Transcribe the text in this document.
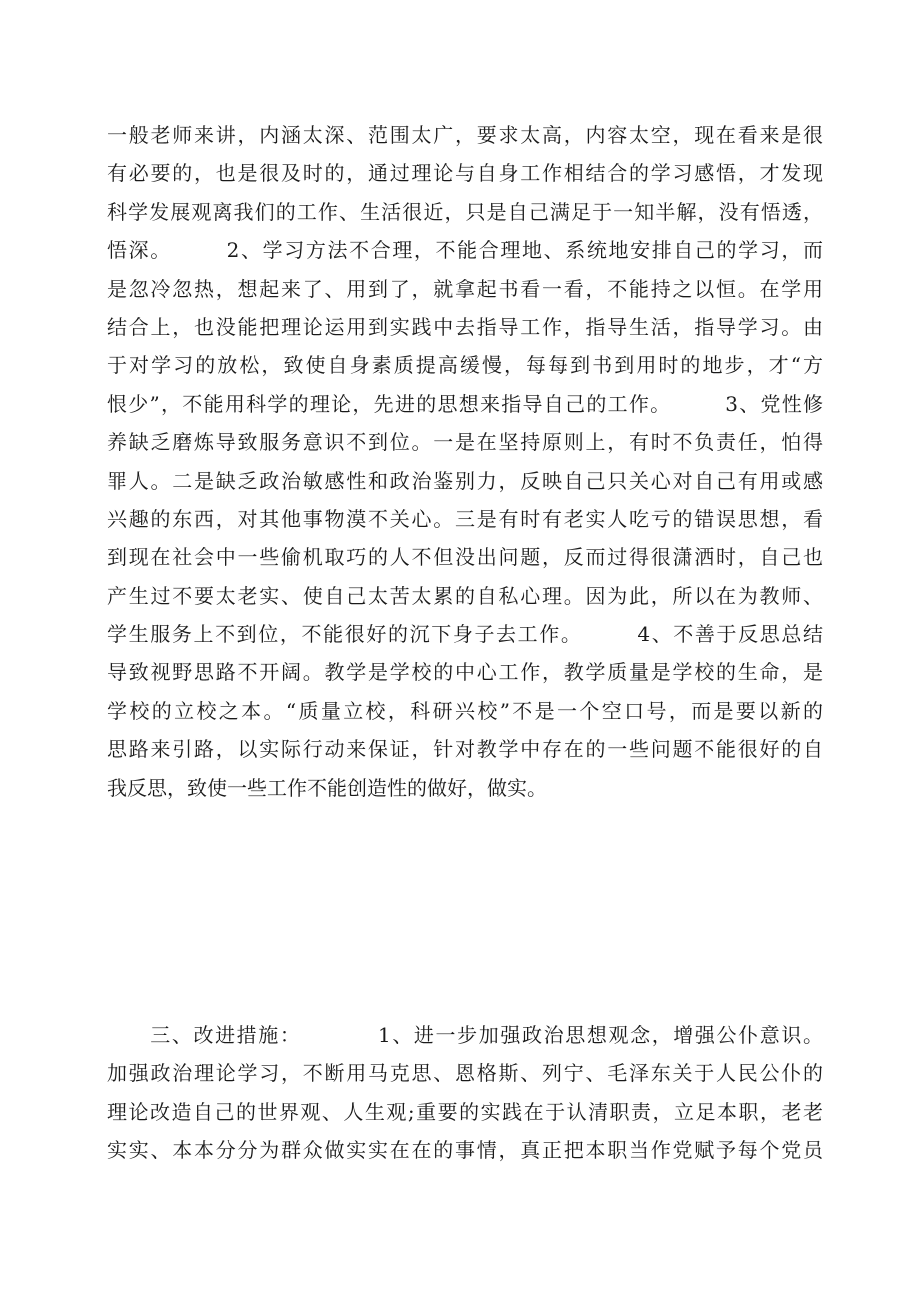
一般老师来讲，内涵太深、范围太广，要求太高，内容太空，现在看来是很
有必要的，也是很及时的，通过理论与自身工作相结合的学习感悟，才发现
科学发展观离我们的工作、生活很近，只是自己满足于一知半解，没有悟透，
悟深。　　　2、学习方法不合理，不能合理地、系统地安排自己的学习，而
是忽冷忽热，想起来了、用到了，就拿起书看一看，不能持之以恒。在学用
结合上，也没能把理论运用到实践中去指导工作，指导生活，指导学习。由
于对学习的放松，致使自身素质提高缓慢，每每到书到用时的地步，才“方
恨少”，不能用科学的理论，先进的思想来指导自己的工作。　　　3、党性修
养缺乏磨炼导致服务意识不到位。一是在坚持原则上，有时不负责任，怕得
罪人。二是缺乏政治敏感性和政治鉴别力，反映自己只关心对自己有用或感
兴趣的东西，对其他事物漠不关心。三是有时有老实人吃亏的错误思想，看
到现在社会中一些偷机取巧的人不但没出问题，反而过得很潇洒时，自己也
产生过不要太老实、使自己太苦太累的自私心理。因为此，所以在为教师、
学生服务上不到位，不能很好的沉下身子去工作。　　　4、不善于反思总结
导致视野思路不开阔。教学是学校的中心工作，教学质量是学校的生命，是
学校的立校之本。“质量立校，科研兴校”不是一个空口号，而是要以新的
思路来引路，以实际行动来保证，针对教学中存在的一些问题不能很好的自
我反思，致使一些工作不能创造性的做好，做实。
　　三、改进措施：　　　　1、进一步加强政治思想观念，增强公仆意识。
加强政治理论学习，不断用马克思、恩格斯、列宁、毛泽东关于人民公仆的
理论改造自己的世界观、人生观;重要的实践在于认清职责，立足本职，老老
实实、本本分分为群众做实实在在的事情，真正把本职当作党赋予每个党员
